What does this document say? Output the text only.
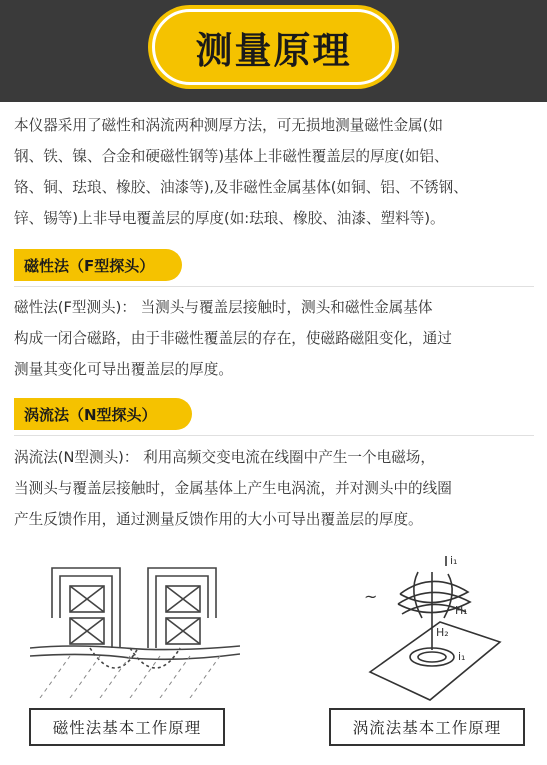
测量原理
本仪器采用了磁性和涡流两种测厚方法，可无损地测量磁性金属(如
钢、铁、镍、合金和硬磁性钢等)基体上非磁性覆盖层的厚度(如铝、
铬、铜、珐琅、橡胶、油漆等),及非磁性金属基体(如铜、铝、不锈钢、
锌、锡等)上非导电覆盖层的厚度(如:珐琅、橡胶、油漆、塑料等)。
磁性法（F型探头）
磁性法(F型测头)： 当测头与覆盖层接触时，测头和磁性金属基体
构成一闭合磁路，由于非磁性覆盖层的存在，使磁路磁阻变化，通过
测量其变化可导出覆盖层的厚度。
涡流法（N型探头）
涡流法(N型测头)： 利用高频交变电流在线圈中产生一个电磁场，
当测头与覆盖层接触时，金属基体上产生电涡流，并对测头中的线圈
产生反馈作用，通过测量反馈作用的大小可导出覆盖层的厚度。
~
i₁
H₁
H₂
i₁
磁性法基本工作原理	涡流法基本工作原理
